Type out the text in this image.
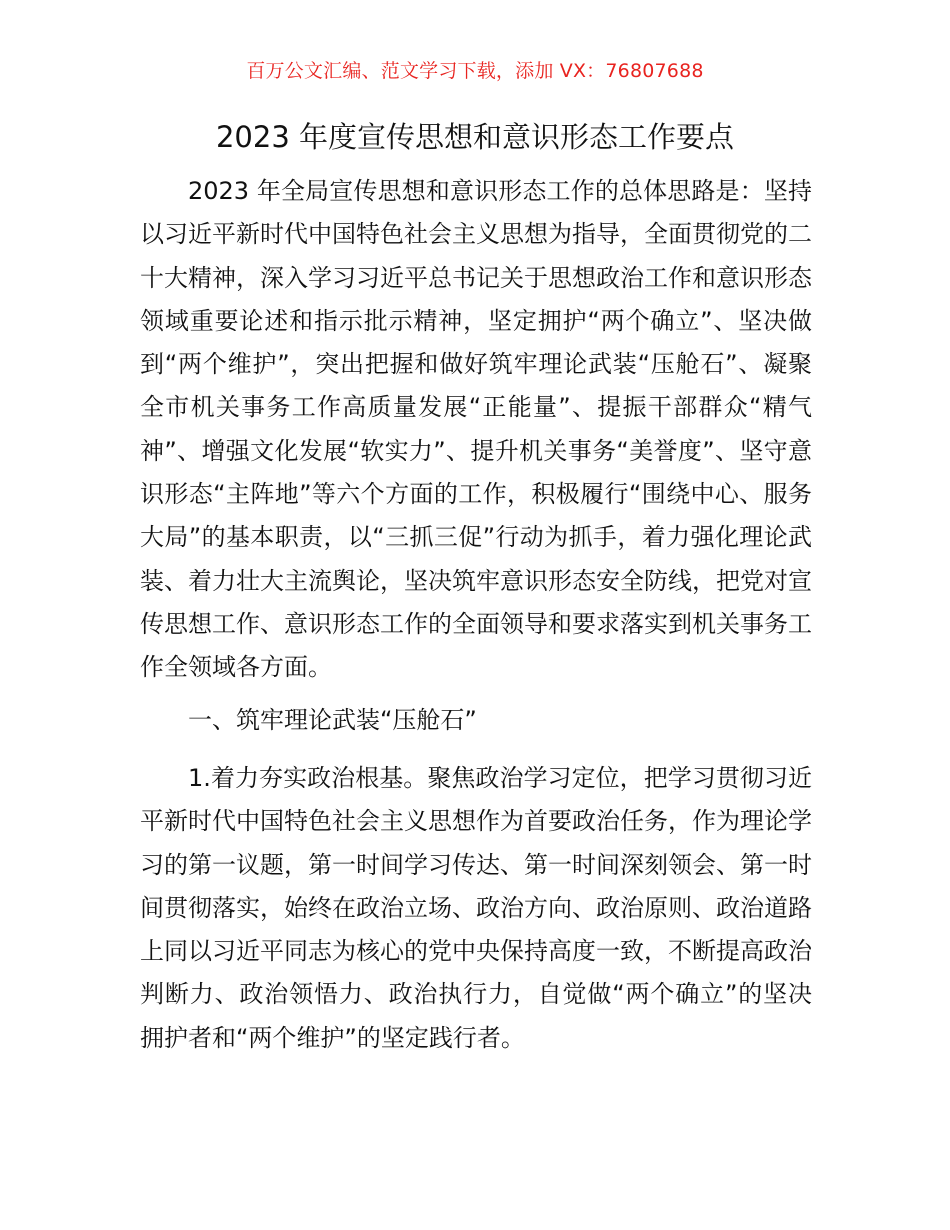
百万公文汇编、范文学习下载，添加 VX：76807688
2023 年度宣传思想和意识形态工作要点
2023 年全局宣传思想和意识形态工作的总体思路是：坚持以习近平新时代中国特色社会主义思想为指导，全面贯彻党的二十大精神，深入学习习近平总书记关于思想政治工作和意识形态领域重要论述和指示批示精神，坚定拥护“两个确立”、坚决做到“两个维护”，突出把握和做好筑牢理论武装“压舱石”、凝聚全市机关事务工作高质量发展“正能量”、提振干部群众“精气神”、增强文化发展“软实力”、提升机关事务“美誉度”、坚守意识形态“主阵地”等六个方面的工作，积极履行“围绕中心、服务大局”的基本职责，以“三抓三促”行动为抓手，着力强化理论武装、着力壮大主流舆论，坚决筑牢意识形态安全防线，把党对宣传思想工作、意识形态工作的全面领导和要求落实到机关事务工作全领域各方面。
一、筑牢理论武装“压舱石”
1.着力夯实政治根基。聚焦政治学习定位，把学习贯彻习近平新时代中国特色社会主义思想作为首要政治任务，作为理论学习的第一议题，第一时间学习传达、第一时间深刻领会、第一时间贯彻落实，始终在政治立场、政治方向、政治原则、政治道路上同以习近平同志为核心的党中央保持高度一致，不断提高政治判断力、政治领悟力、政治执行力，自觉做“两个确立”的坚决拥护者和“两个维护”的坚定践行者。
